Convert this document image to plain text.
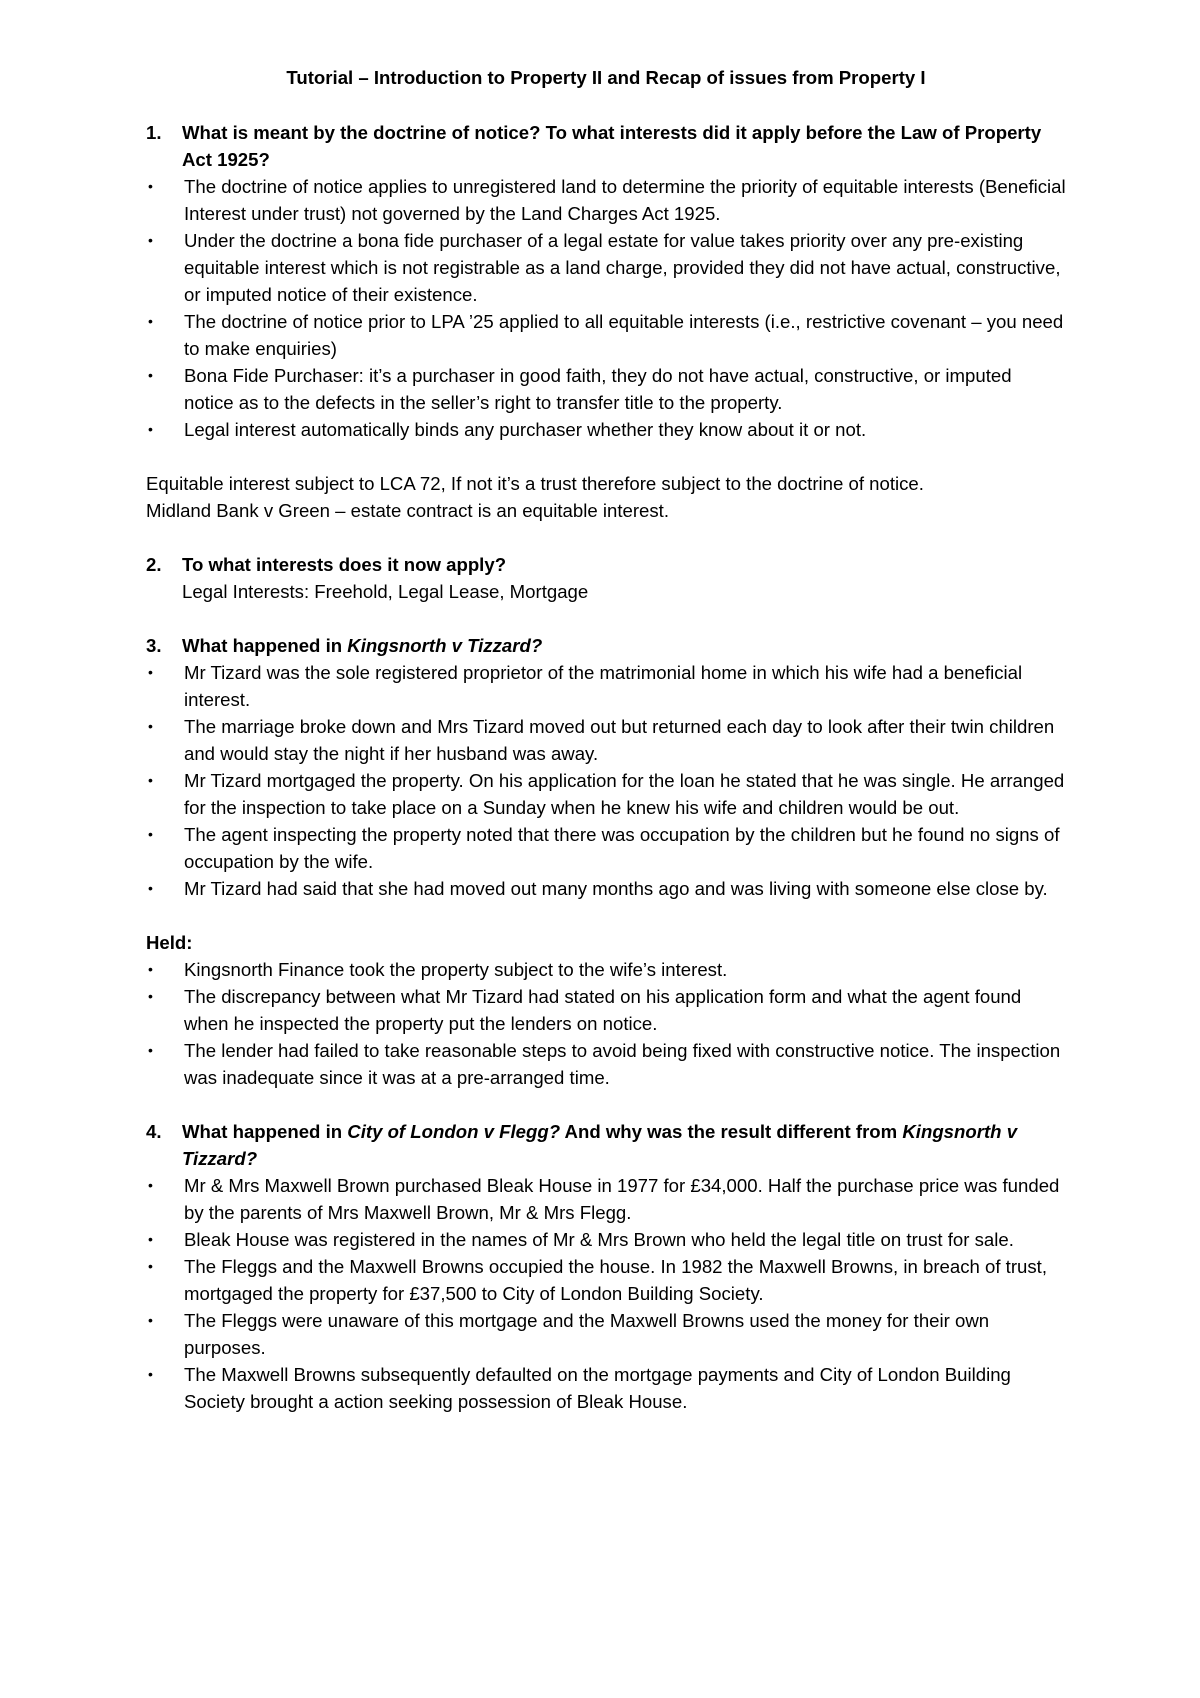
Tutorial – Introduction to Property II and Recap of issues from Property I

1.	What is meant by the doctrine of notice? To what interests did it apply before the Law of Property Act 1925?
•	The doctrine of notice applies to unregistered land to determine the priority of equitable interests (Beneficial Interest under trust) not governed by the Land Charges Act 1925.
•	Under the doctrine a bona fide purchaser of a legal estate for value takes priority over any pre-existing equitable interest which is not registrable as a land charge, provided they did not have actual, constructive, or imputed notice of their existence.
•	The doctrine of notice prior to LPA ’25 applied to all equitable interests (i.e., restrictive covenant – you need to make enquiries)
•	Bona Fide Purchaser: it’s a purchaser in good faith, they do not have actual, constructive, or imputed notice as to the defects in the seller’s right to transfer title to the property.
•	Legal interest automatically binds any purchaser whether they know about it or not.

Equitable interest subject to LCA 72, If not it’s a trust therefore subject to the doctrine of notice.

Midland Bank v Green – estate contract is an equitable interest.

2.	To what interests does it now apply?

Legal Interests: Freehold, Legal Lease, Mortgage

3.	What happened in Kingsnorth v Tizzard?
•	Mr Tizard was the sole registered proprietor of the matrimonial home in which his wife had a beneficial interest.
•	The marriage broke down and Mrs Tizard moved out but returned each day to look after their twin children and would stay the night if her husband was away.
•	Mr Tizard mortgaged the property. On his application for the loan he stated that he was single. He arranged for the inspection to take place on a Sunday when he knew his wife and children would be out.
•	The agent inspecting the property noted that there was occupation by the children but he found no signs of occupation by the wife.
•	Mr Tizard had said that she had moved out many months ago and was living with someone else close by.

Held:

•	Kingsnorth Finance took the property subject to the wife’s interest.
•	The discrepancy between what Mr Tizard had stated on his application form and what the agent found when he inspected the property put the lenders on notice.
•	The lender had failed to take reasonable steps to avoid being fixed with constructive notice. The inspection was inadequate since it was at a pre-arranged time.
4.	What happened in City of London v Flegg? And why was the result different from Kingsnorth v Tizzard?
•	Mr & Mrs Maxwell Brown purchased Bleak House in 1977 for £34,000. Half the purchase price was funded by the parents of Mrs Maxwell Brown, Mr & Mrs Flegg.
•	Bleak House was registered in the names of Mr & Mrs Brown who held the legal title on trust for sale.
•	The Fleggs and the Maxwell Browns occupied the house. In 1982 the Maxwell Browns, in breach of trust, mortgaged the property for £37,500 to City of London Building Society.
•	The Fleggs were unaware of this mortgage and the Maxwell Browns used the money for their own purposes.
•	The Maxwell Browns subsequently defaulted on the mortgage payments and City of London Building Society brought a action seeking possession of Bleak House.
